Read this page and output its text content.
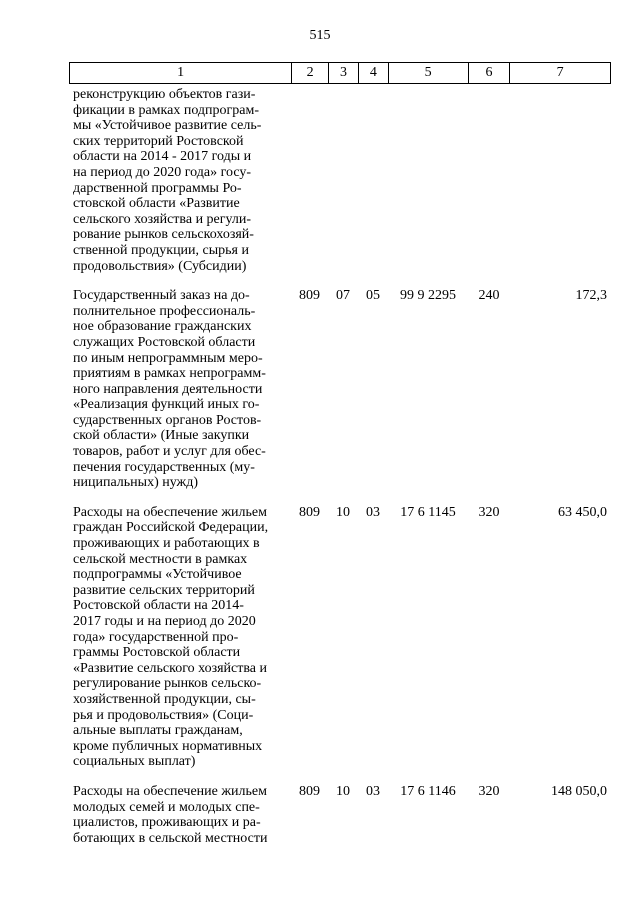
515
1	2	3	4	5	6	7
реконструкцию объектов гази-
фикации в рамках подпрограм-
мы «Устойчивое развитие сель-
ских территорий Ростовской
области на 2014 - 2017 годы и
на период до 2020 года» госу-
дарственной программы Ро-
стовской области «Развитие
сельского хозяйства и регули-
рование рынков сельскохозяй-
ственной продукции, сырья и
продовольствия» (Субсидии)
Государственный заказ на до-
полнительное профессиональ-
ное образование гражданских
служащих Ростовской области
по иным непрограммным меро-
приятиям в рамках непрограмм-
ного направления деятельности
«Реализация функций иных го-
сударственных органов Ростов-
ской области» (Иные закупки
товаров, работ и услуг для обес-
печения государственных (му-
ниципальных) нужд)
809	07	05	99 9 2295	240	172,3
Расходы на обеспечение жильем
граждан Российской Федерации,
проживающих и работающих в
сельской местности в рамках
подпрограммы «Устойчивое
развитие сельских территорий
Ростовской области на 2014-
2017 годы и на период до 2020
года» государственной про-
граммы Ростовской области
«Развитие сельского хозяйства и
регулирование рынков сельско-
хозяйственной продукции, сы-
рья и продовольствия» (Соци-
альные выплаты гражданам,
кроме публичных нормативных
социальных выплат)
809	10	03	17 6 1145	320	63 450,0
Расходы на обеспечение жильем
молодых семей и молодых спе-
циалистов, проживающих и ра-
ботающих в сельской местности
809	10	03	17 6 1146	320	148 050,0
